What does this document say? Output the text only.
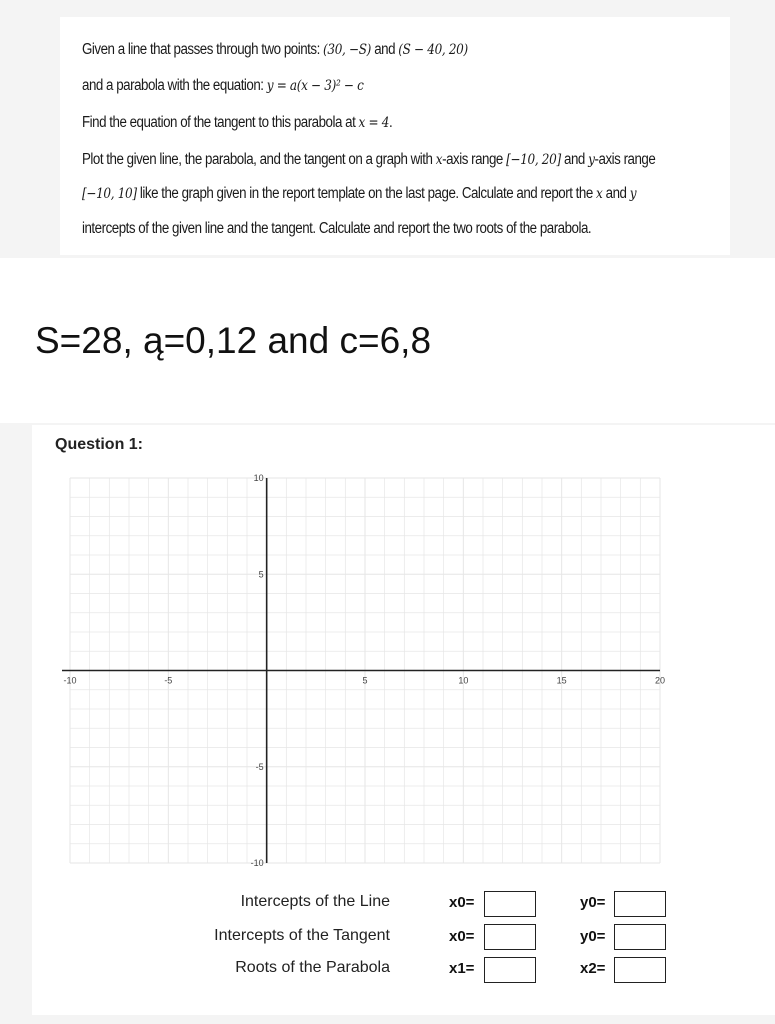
Given a line that passes through two points: (30, −S) and (S − 40, 20)
and a parabola with the equation: y = a(x − 3)² − c
Find the equation of the tangent to this parabola at x = 4.
Plot the given line, the parabola, and the tangent on a graph with x-axis range [−10, 20] and y-axis range
[−10, 10] like the graph given in the report template on the last page. Calculate and report the x and y
intercepts of the given line and the tangent. Calculate and report the two roots of the parabola.
S=28, ą=0,12 and c=6,8
Question 1:
-10	-5	5	10	15	20
10
5
-5
-10
Intercepts of the Line	x0=	y0=
Intercepts of the Tangent	x0=	y0=
Roots of the Parabola	x1=	x2=
